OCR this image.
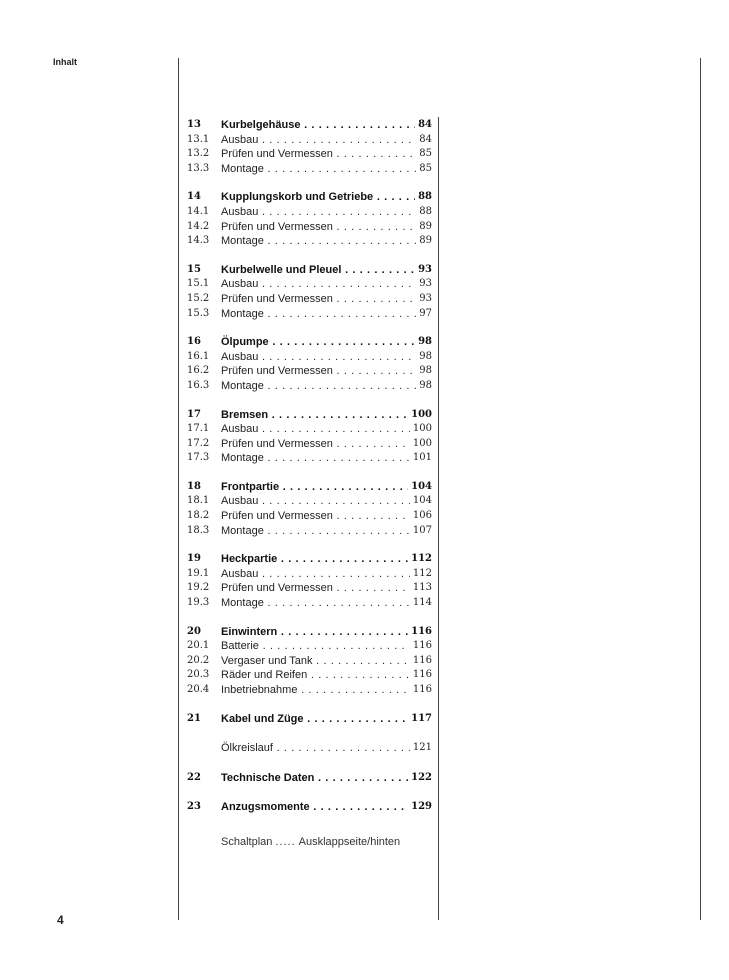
Inhalt
13 Kurbelgehäuse . . .	84
13.1 Ausbau . . .	84
13.2 Prüfen und Vermessen . . .	85
13.3 Montage . . .	85
14 Kupplungskorb und Getriebe . . .	88
14.1 Ausbau . . .	88
14.2 Prüfen und Vermessen . . .	89
14.3 Montage . . .	89
15 Kurbelwelle und Pleuel . . .	93
15.1 Ausbau . . .	93
15.2 Prüfen und Vermessen . . .	93
15.3 Montage . . .	97
16 Ölpumpe . . .	98
16.1 Ausbau . . .	98
16.2 Prüfen und Vermessen . . .	98
16.3 Montage . . .	98
17 Bremsen . . .	100
17.1 Ausbau . . .	100
17.2 Prüfen und Vermessen . . .	100
17.3 Montage . . .	101
18 Frontpartie . . .	104
18.1 Ausbau . . .	104
18.2 Prüfen und Vermessen . . .	106
18.3 Montage . . .	107
19 Heckpartie . . .	112
19.1 Ausbau . . .	112
19.2 Prüfen und Vermessen . . .	113
19.3 Montage . . .	114
20 Einwintern . . .	116
20.1 Batterie . . .	116
20.2 Vergaser und Tank . . .	116
20.3 Räder und Reifen . . .	116
20.4 Inbetriebnahme . . .	116
21 Kabel und Züge . . .	117
Ölkreislauf . . .	121
22 Technische Daten . . .	122
23 Anzugsmomente . . .	129
Schaltplan ..... Ausklappseite/hinten
4
